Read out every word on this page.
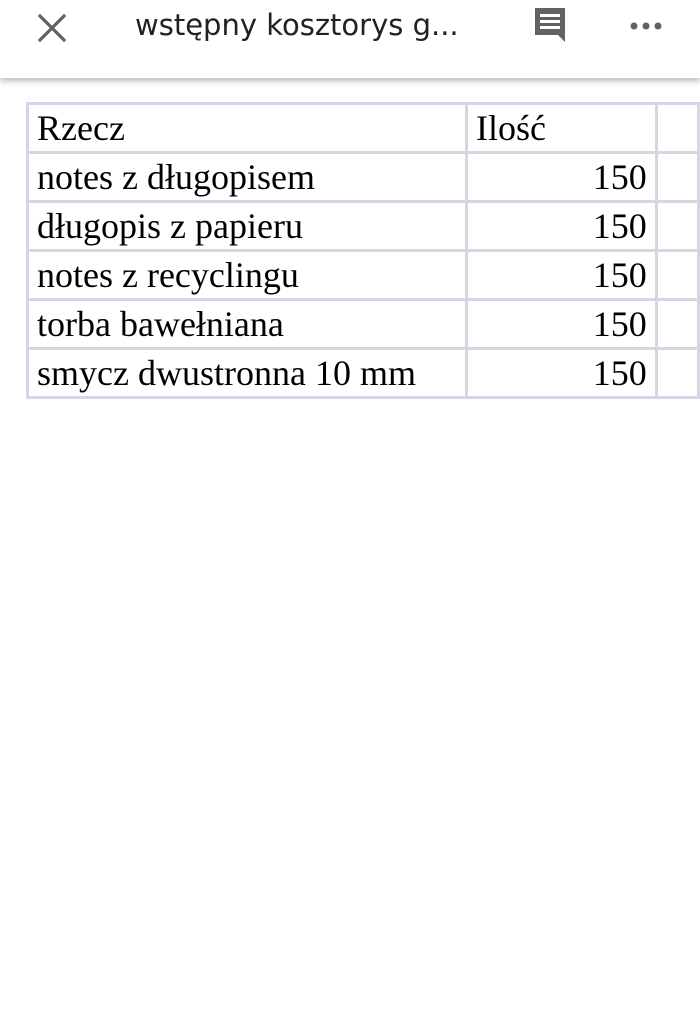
wstępny kosztorys g...
Rzecz	Ilość	
notes z długopisem	150	
długopis z papieru	150	
notes z recyclingu	150	
torba bawełniana	150	
smycz dwustronna 10 mm	150	
